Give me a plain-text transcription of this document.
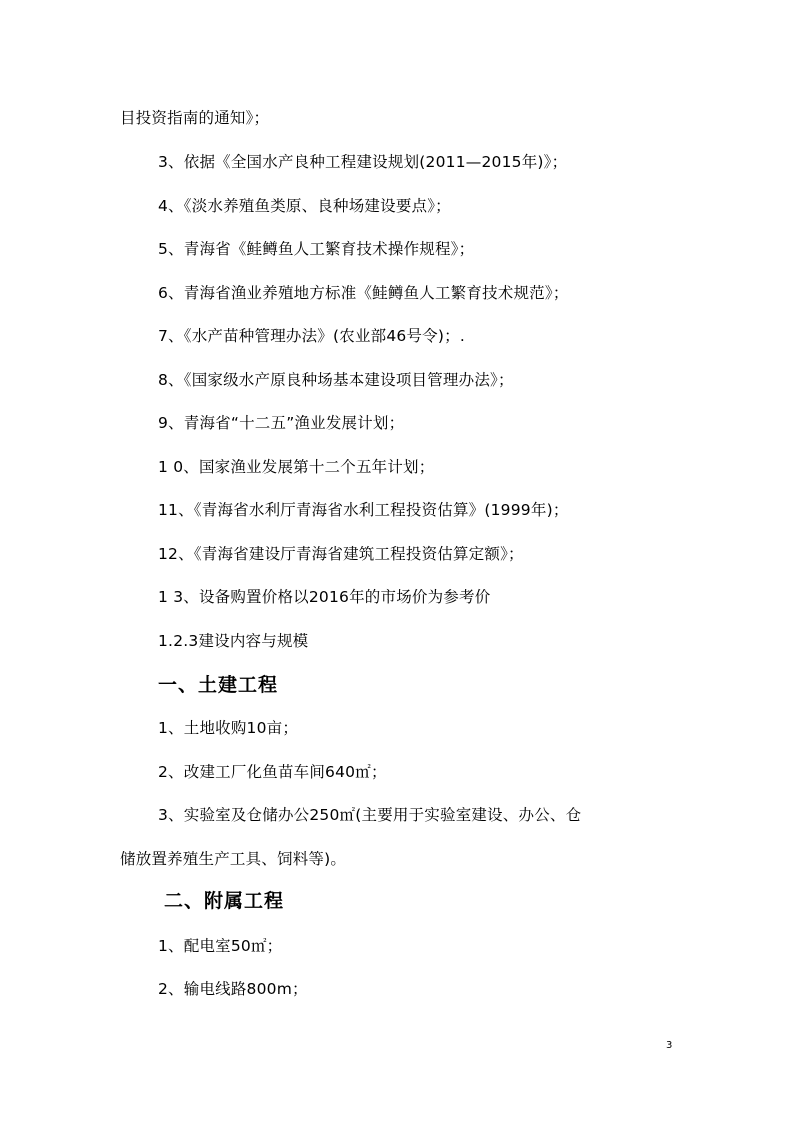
目投资指南的通知》；
3、依据《全国水产良种工程建设规划(2011—2015年)》；
4、《淡水养殖鱼类原、良种场建设要点》；
5、青海省《鲑鳟鱼人工繁育技术操作规程》；
6、青海省渔业养殖地方标准《鲑鳟鱼人工繁育技术规范》；
7、《水产苗种管理办法》(农业部46号令)；.
8、《国家级水产原良种场基本建设项目管理办法》；
9、青海省“十二五”渔业发展计划；
1 0、国家渔业发展第十二个五年计划；
11、《青海省水利厅青海省水利工程投资估算》(1999年)；
12、《青海省建设厅青海省建筑工程投资估算定额》；
1 3、设备购置价格以2016年的市场价为参考价
1.2.3建设内容与规模
一、土建工程
1、土地收购10亩；
2、改建工厂化鱼苗车间640㎡；
3、实验室及仓储办公250㎡(主要用于实验室建设、办公、仓
储放置养殖生产工具、饲料等)。
二、附属工程
1、配电室50㎡；
2、输电线路800m；
3
